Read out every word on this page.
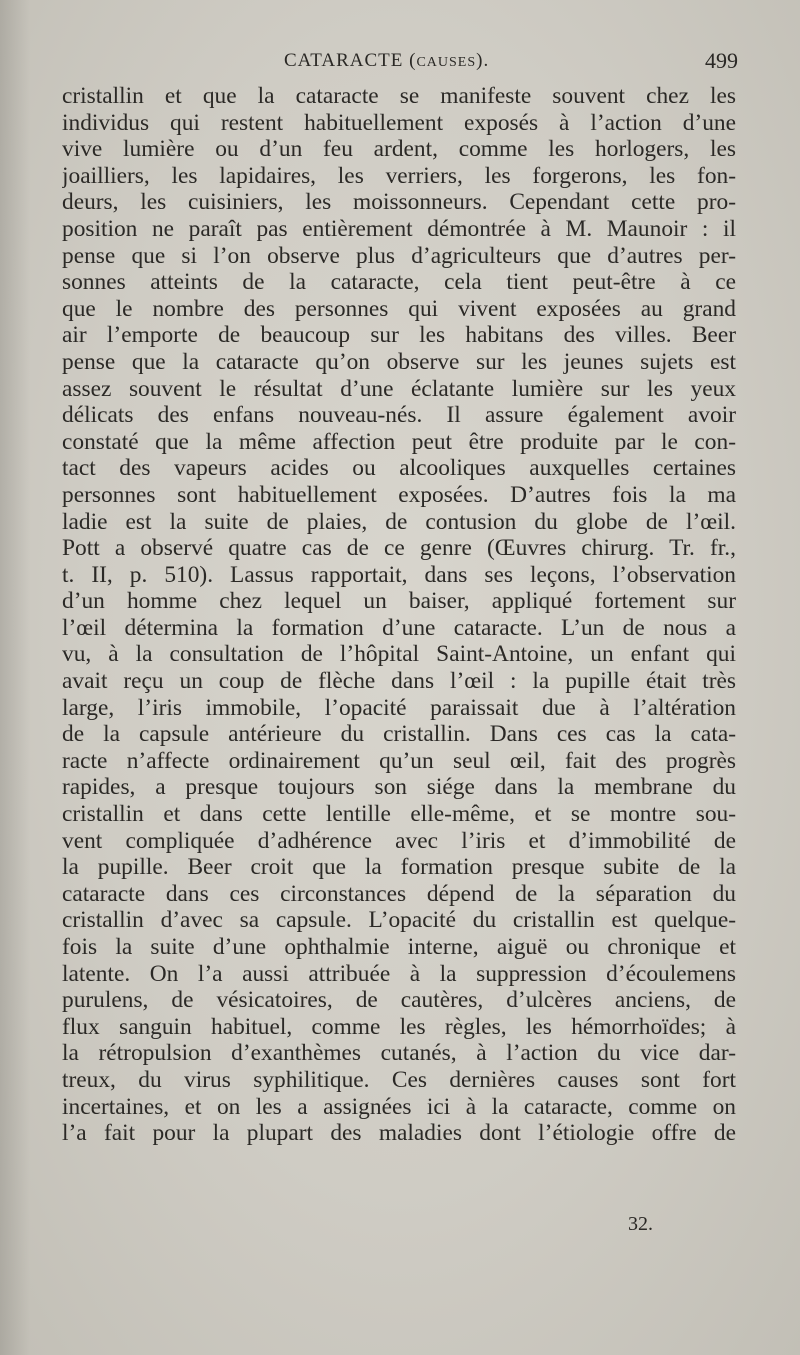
CATARACTE (CAUSES).	499
cristallin et que la cataracte se manifeste souvent chez les
individus qui restent habituellement exposés à l’action d’une
vive lumière ou d’un feu ardent, comme les horlogers, les
joailliers, les lapidaires, les verriers, les forgerons, les fon-
deurs, les cuisiniers, les moissonneurs. Cependant cette pro-
position ne paraît pas entièrement démontrée à M. Maunoir : il
pense que si l’on observe plus d’agriculteurs que d’autres per-
sonnes atteints de la cataracte, cela tient peut-être à ce
que le nombre des personnes qui vivent exposées au grand
air l’emporte de beaucoup sur les habitans des villes. Beer
pense que la cataracte qu’on observe sur les jeunes sujets est
assez souvent le résultat d’une éclatante lumière sur les yeux
délicats des enfans nouveau-nés. Il assure également avoir
constaté que la même affection peut être produite par le con-
tact des vapeurs acides ou alcooliques auxquelles certaines
personnes sont habituellement exposées. D’autres fois la ma
ladie est la suite de plaies, de contusion du globe de l’œil.
Pott a observé quatre cas de ce genre (Œuvres chirurg. Tr. fr.,
t. II, p. 510). Lassus rapportait, dans ses leçons, l’observation
d’un homme chez lequel un baiser, appliqué fortement sur
l’œil détermina la formation d’une cataracte. L’un de nous a
vu, à la consultation de l’hôpital Saint-Antoine, un enfant qui
avait reçu un coup de flèche dans l’œil : la pupille était très
large, l’iris immobile, l’opacité paraissait due à l’altération
de la capsule antérieure du cristallin. Dans ces cas la cata-
racte n’affecte ordinairement qu’un seul œil, fait des progrès
rapides, a presque toujours son siége dans la membrane du
cristallin et dans cette lentille elle-même, et se montre sou-
vent compliquée d’adhérence avec l’iris et d’immobilité de
la pupille. Beer croit que la formation presque subite de la
cataracte dans ces circonstances dépend de la séparation du
cristallin d’avec sa capsule. L’opacité du cristallin est quelque-
fois la suite d’une ophthalmie interne, aiguë ou chronique et
latente. On l’a aussi attribuée à la suppression d’écoulemens
purulens, de vésicatoires, de cautères, d’ulcères anciens, de
flux sanguin habituel, comme les règles, les hémorrhoïdes; à
la rétropulsion d’exanthèmes cutanés, à l’action du vice dar-
treux, du virus syphilitique. Ces dernières causes sont fort
incertaines, et on les a assignées ici à la cataracte, comme on
l’a fait pour la plupart des maladies dont l’étiologie offre de
32.
